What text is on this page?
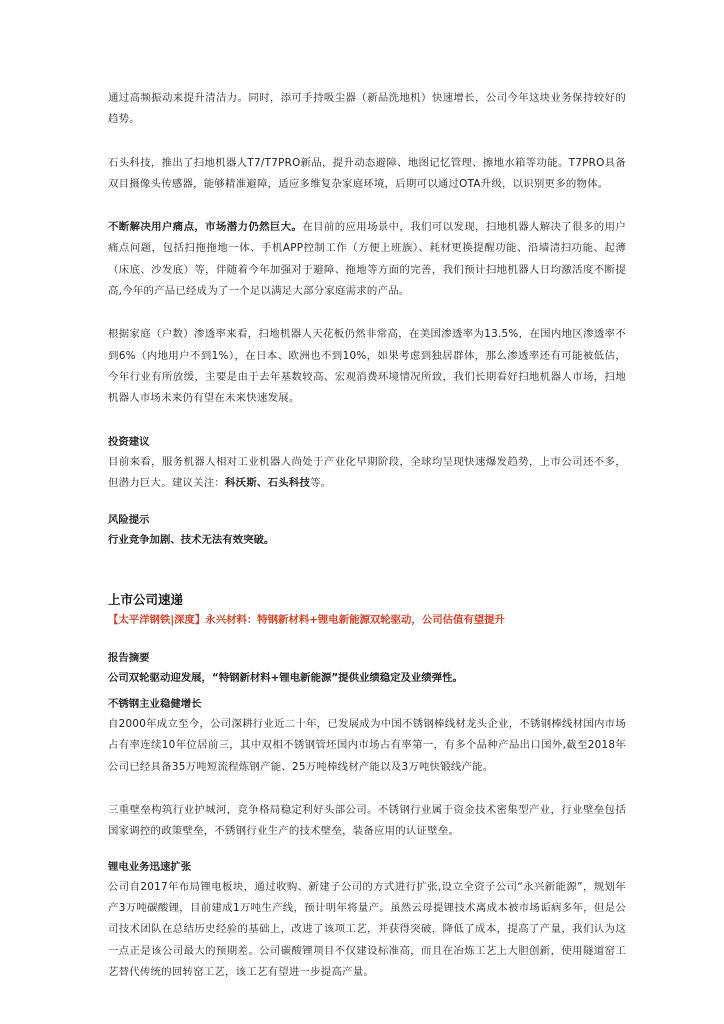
通过高频振动来提升清洁力。同时，添可手持吸尘器（新品洗地机）快速增长，公司今年这块业务保持较好的趋势。

石头科技，推出了扫地机器人T7/T7PRO新品，提升动态避障、地图记忆管理、擦地水箱等功能。T7PRO具备双目摄像头传感器，能够精准避障，适应多维复杂家庭环境，后期可以通过OTA升级，以识别更多的物体。

不断解决用户痛点，市场潜力仍然巨大。在目前的应用场景中，我们可以发现，扫地机器人解决了很多的用户痛点问题，包括扫拖拖地一体、手机APP控制工作（方便上班族）、耗材更换提醒功能、沿墙清扫功能、起薄（床底、沙发底）等，伴随着今年加强对于避障、拖地等方面的完善，我们预计扫地机器人日均激活度不断提高,今年的产品已经成为了一个足以满足大部分家庭需求的产品。

根据家庭（户数）渗透率来看，扫地机器人天花板仍然非常高，在美国渗透率为13.5%，在国内地区渗透率不到6%（内地用户不到1%），在日本、欧洲也不到10%，如果考虑到独居群体，那么渗透率还有可能被低估，今年行业有所放缓，主要是由于去年基数较高、宏观消费环境情况所致，我们长期看好扫地机器人市场，扫地机器人市场未来仍有望在未来快速发展。

投资建议

目前来看，服务机器人相对工业机器人尚处于产业化早期阶段，全球均呈现快速爆发趋势，上市公司还不多，但潜力巨大。建议关注：科沃斯、石头科技等。

风险提示
行业竞争加剧、技术无法有效突破。
上市公司速递
【太平洋钢铁|深度】永兴材料：特钢新材料+锂电新能源双轮驱动，公司估值有望提升
报告摘要
公司双轮驱动迎发展，“特钢新材料+锂电新能源”提供业绩稳定及业绩弹性。
不锈钢主业稳健增长

自2000年成立至今，公司深耕行业近二十年，已发展成为中国不锈钢棒线材龙头企业，不锈钢棒线材国内市场占有率连续10年位居前三，其中双相不锈钢管坯国内市场占有率第一，有多个品种产品出口国外,截至2018年公司已经具备35万吨短流程炼钢产能、25万吨棒线材产能以及3万吨快锻线产能。

三重壁垒构筑行业护城河，竞争格局稳定利好头部公司。不锈钢行业属于资金技术密集型产业，行业壁垒包括国家调控的政策壁垒，不锈钢行业生产的技术壁垒，装备应用的认证壁垒。

锂电业务迅速扩张

公司自2017年布局锂电板块，通过收购、新建子公司的方式进行扩张,设立全资子公司“永兴新能源”，规划年产3万吨碳酸锂，目前建成1万吨生产线，预计明年将量产。虽然云母提锂技术离成本被市场诟病多年，但是公司技术团队在总结历史经验的基础上，改进了该项工艺，并获得突破，降低了成本，提高了产量，我们认为这一点正是该公司最大的预期差。公司碳酸锂项目不仅建设标准高，而且在冶炼工艺上大胆创新，使用隧道窑工艺替代传统的回转窑工艺，该工艺有望进一步提高产量。
